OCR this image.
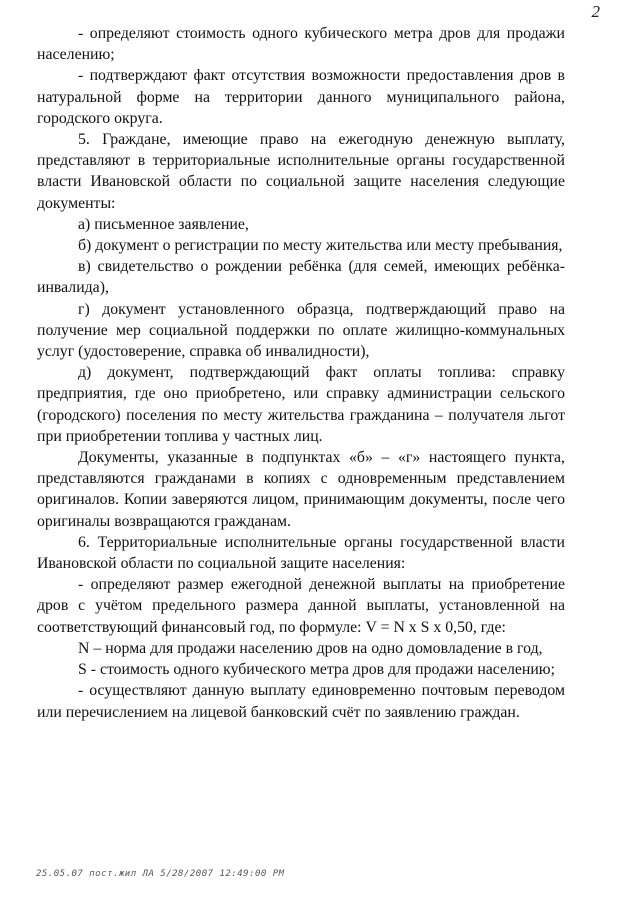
2

- определяют стоимость одного кубического метра дров для продажи населению;

- подтверждают факт отсутствия возможности предоставления дров в натуральной форме на территории данного муниципального района, городского округа.

5. Граждане, имеющие право на ежегодную денежную выплату, представляют в территориальные исполнительные органы государственной власти Ивановской области по социальной защите населения следующие документы:

а) письменное заявление,

б) документ о регистрации по месту жительства или месту пребывания,

в) свидетельство о рождении ребёнка (для семей, имеющих ребёнка-инвалида),

г) документ установленного образца, подтверждающий право на получение мер социальной поддержки по оплате жилищно-коммунальных услуг (удостоверение, справка об инвалидности),

д) документ, подтверждающий факт оплаты топлива: справку предприятия, где оно приобретено, или справку администрации сельского (городского) поселения по месту жительства гражданина – получателя льгот при приобретении топлива у частных лиц.

Документы, указанные в подпунктах «б» – «г» настоящего пункта, представляются гражданами в копиях с одновременным представлением оригиналов. Копии заверяются лицом, принимающим документы, после чего оригиналы возвращаются гражданам.

6. Территориальные исполнительные органы государственной власти Ивановской области по социальной защите населения:

- определяют размер ежегодной денежной выплаты на приобретение дров с учётом предельного размера данной выплаты, установленной на соответствующий финансовый год, по формуле: V = N x S x 0,50, где:

N – норма для продажи населению дров на одно домовладение в год,

S - стоимость одного кубического метра дров для продажи населению;

- осуществляют данную выплату единовременно почтовым переводом или перечислением на лицевой банковский счёт по заявлению граждан.

25.05.07 пост.жил ЛА 5/28/2007 12:49:00 PM
